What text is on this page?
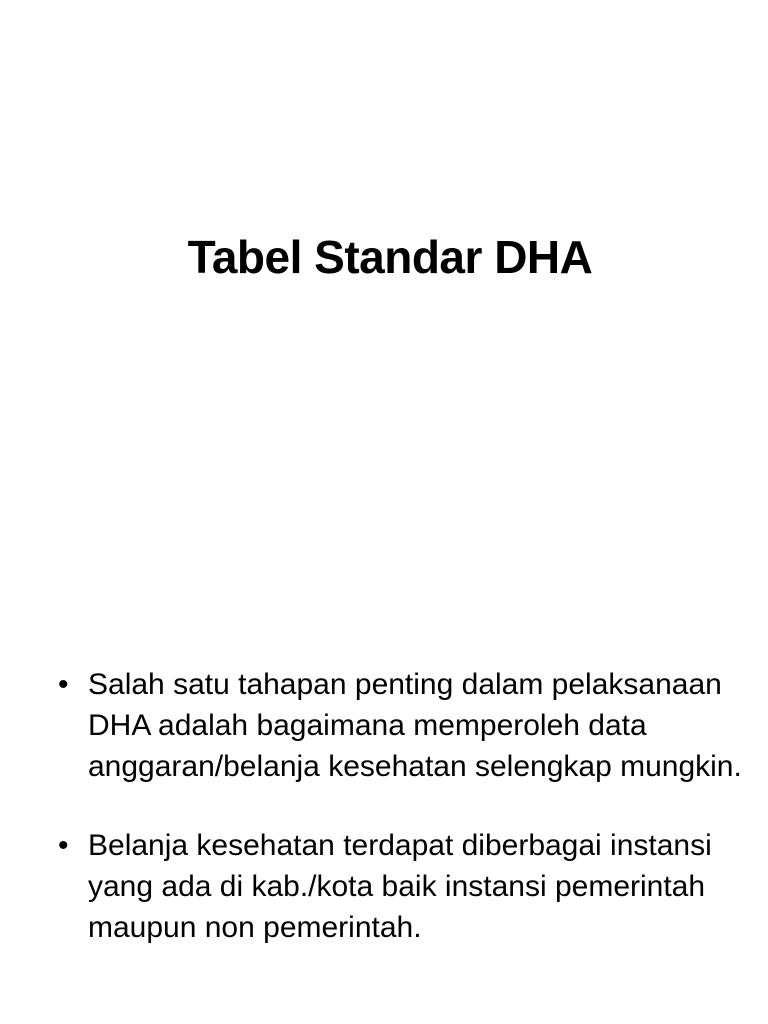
Tabel Standar DHA
• Salah satu tahapan penting dalam pelaksanaan DHA adalah bagaimana memperoleh data anggaran/belanja kesehatan selengkap mungkin.
• Belanja kesehatan terdapat diberbagai instansi yang ada di kab./kota baik instansi pemerintah maupun non pemerintah.
